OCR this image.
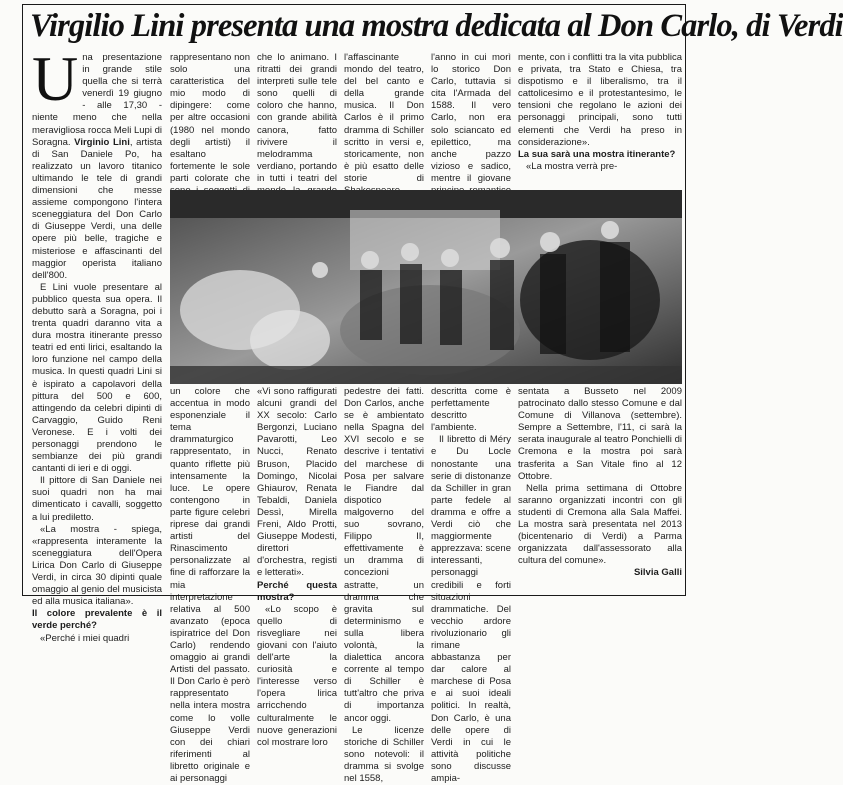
Virgilio Lini presenta una mostra dedicata al Don Carlo, di Verdi
U na presentazione in grande stile quella che si terrà venerdì 19 giugno - alle 17,30 - niente meno che nella meravigliosa rocca Meli Lupi di Soragna. Virginio Lini, artista di San Daniele Po, ha realizzato un lavoro titanico ultimando le tele di grandi dimensioni che messe assieme compongono l'intera sceneggiatura del Don Carlo di Giuseppe Verdi, una delle opere più belle, tragiche e misteriose e affascinanti del maggior operista italiano dell'800.

E Lini vuole presentare al pubblico questa sua opera. Il debutto sarà a Soragna, poi i trenta quadri daranno vita a dura mostra itinerante presso teatri ed enti lirici, esaltando la loro funzione nel campo della musica. In questi quadri Lini si è ispirato a capolavori della pittura del 500 e 600, attingendo da celebri dipinti di Carvaggio, Guido Reni Veronese. E i volti dei personaggi prendono le sembianze dei più grandi cantanti di ieri e di oggi.

Il pittore di San Daniele nei suoi quadri non ha mai dimenticato i cavalli, soggetto a lui prediletto.

«La mostra - spiega, «rappresenta interamente la sceneggiatura dell'Opera Lirica Don Carlo di Giuseppe Verdi, in circa 30 dipinti quale omaggio al genio del musicista ed alla musica italiana».

Il colore prevalente è il verde perché?

«Perché i miei quadri

rappresentano non solo una caratteristica del mio modo di dipingere: come per altre occasioni (1980 nel mondo degli artisti) il esaltano fortemente le sole parti colorate che

che lo animano. I ritratti dei grandi interpreti sulle tele sono quelli di coloro che hanno, con grande abilità canora, fatto rivivere il melodramma verdiano, portando in tutti i teatri del

l'affascinante mondo del teatro, del bel canto e della grande musica. Il Don Carlos è il primo dramma di Schiller scritto in versi e, storicamente, non è più esatto delle storie di

l'anno in cui morì lo storico Don Carlo, tuttavia si cita l'Armada del 1588. Il vero Carlo, non era solo sciancato ed epilettico, ma anche pazzo vizioso e sadico, mentre il giovane

mente, con i conflitti tra la vita pubblica e privata, tra Stato e Chiesa, tra dispotismo e il liberalismo, tra il cattolicesimo e il protestantesimo, le tensioni che regolano le azioni dei personaggi principali, sono tutti elementi che Verdi ha preso in considerazione».

La sua sarà una mostra itinerante?

«La mostra verrà pre-

un colore che accentua in modo esponenziale il tema drammaturgico rappresentato, in quanto riflette più intensamente la luce. Le opere contengono in parte figure celebri riprese dai grandi artisti del Rinascimento personalizzate al fine di rafforzare la mia interpretazione relativa al 500 avanzato (epoca ispiratrice del Don Carlo) rendendo omaggio ai grandi Artisti del passato. Il Don Carlo è però rappresentato nella intera mostra come lo volle Giuseppe Verdi con dei chiari riferimenti al libretto originale e ai personaggi

«Vi sono raffigurati alcuni grandi del XX secolo: Carlo Bergonzi, Luciano Pavarotti, Leo Nucci, Renato Bruson, Placido Domingo, Nicolai Ghiaurov, Renata Tebaldi, Daniela Dessì, Mirella Freni, Aldo Protti, Giuseppe Modesti, direttori d'orchestra, registi e letterati».

Perché questa mostra?

«Lo scopo è quello di risvegliare nei giovani con l'aiuto dell'arte la curiosità e l'interesse verso l'opera lirica arricchendo culturalmente le nuove generazioni col mostrare loro

pedestre dei fatti. Don Carlos, anche se è ambientato nella Spagna del XVI secolo e se descrive i tentativi del marchese di Posa per salvare le Fiandre dal dispotico malgoverno del suo sovrano, Filippo II, effettivamente è un dramma di concezioni astratte, un dramma che gravita sul determinismo e sulla libera volontà, la dialettica ancora corrente al tempo di Schiller è tutt'altro che priva di importanza ancor oggi.

Le licenze storiche di Schiller sono notevoli: il dramma si svolge nel 1558,

descritta come è perfettamente descritto l'ambiente.

Il libretto di Méry e Du Locle nonostante una serie di distonanze da Schiller in gran parte fedele al dramma e offre a Verdi ciò che maggiormente apprezzava: scene interessanti, personaggi credibili e forti situazioni drammatiche. Del vecchio ardore rivoluzionario gli rimane abbastanza per dar calore al marchese di Posa e ai suoi ideali politici. In realtà, Don Carlo, è una delle opere di Verdi in cui le attività politiche sono discusse ampia-

sentata a Busseto nel 2009 patrocinato dallo stesso Comune e dal Comune di Villanova (settembre). Sempre a Settembre, l'11, ci sarà la serata inaugurale al teatro Ponchielli di Cremona e la mostra poi sarà trasferita a San Vitale fino al 12 Ottobre.

Nella prima settimana di Ottobre saranno organizzati incontri con gli studenti di Cremona alla Sala Maffei. La mostra sarà presentata nel 2013 (bicentenario di Verdi) a Parma organizzata dall'assessorato alla cultura del comune».

Silvia Galli
